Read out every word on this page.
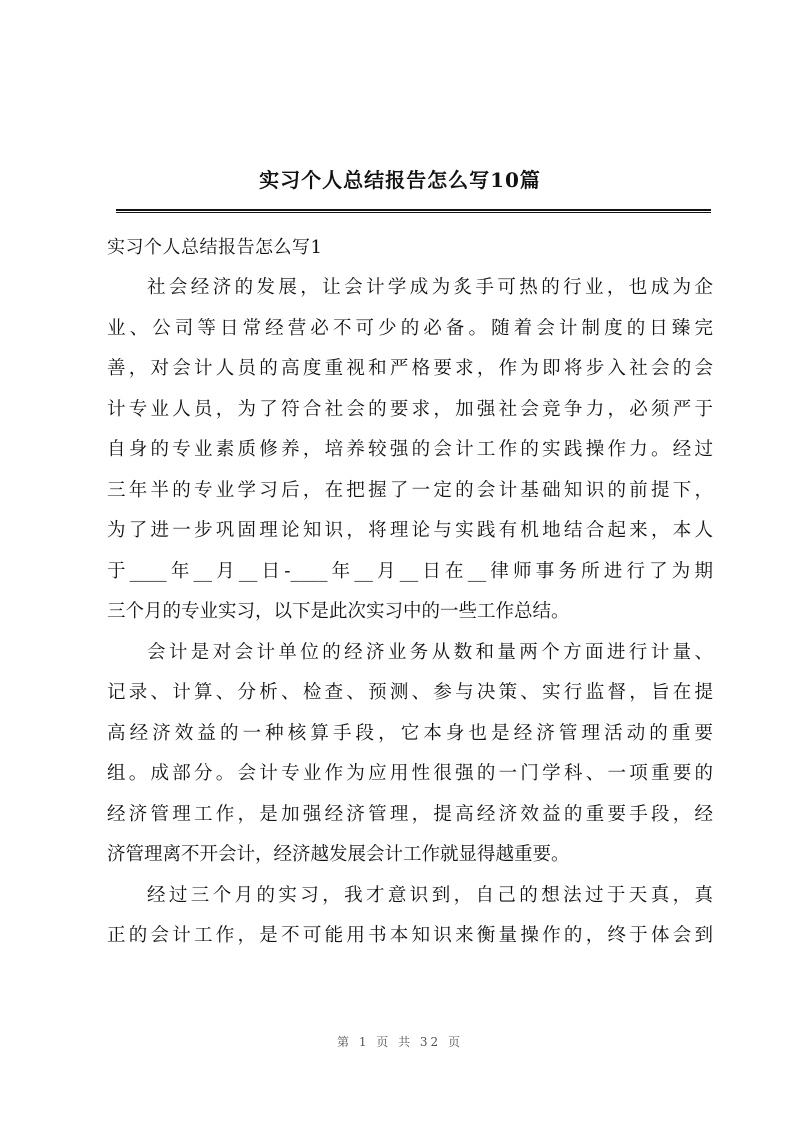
实习个人总结报告怎么写10篇
实习个人总结报告怎么写1
社会经济的发展，让会计学成为炙手可热的行业，也成为企
业、公司等日常经营必不可少的必备。随着会计制度的日臻完
善，对会计人员的高度重视和严格要求，作为即将步入社会的会
计专业人员，为了符合社会的要求，加强社会竞争力，必须严于
自身的专业素质修养，培养较强的会计工作的实践操作力。经过
三年半的专业学习后，在把握了一定的会计基础知识的前提下，
为了进一步巩固理论知识，将理论与实践有机地结合起来，本人
于____年__月__日-____年__月__日在__律师事务所进行了为期
三个月的专业实习，以下是此次实习中的一些工作总结。
会计是对会计单位的经济业务从数和量两个方面进行计量、
记录、计算、分析、检查、预测、参与决策、实行监督，旨在提
高经济效益的一种核算手段，它本身也是经济管理活动的重要
组。成部分。会计专业作为应用性很强的一门学科、一项重要的
经济管理工作，是加强经济管理，提高经济效益的重要手段，经
济管理离不开会计，经济越发展会计工作就显得越重要。
经过三个月的实习，我才意识到，自己的想法过于天真，真
正的会计工作，是不可能用书本知识来衡量操作的，终于体会到
第 1 页 共 32 页
